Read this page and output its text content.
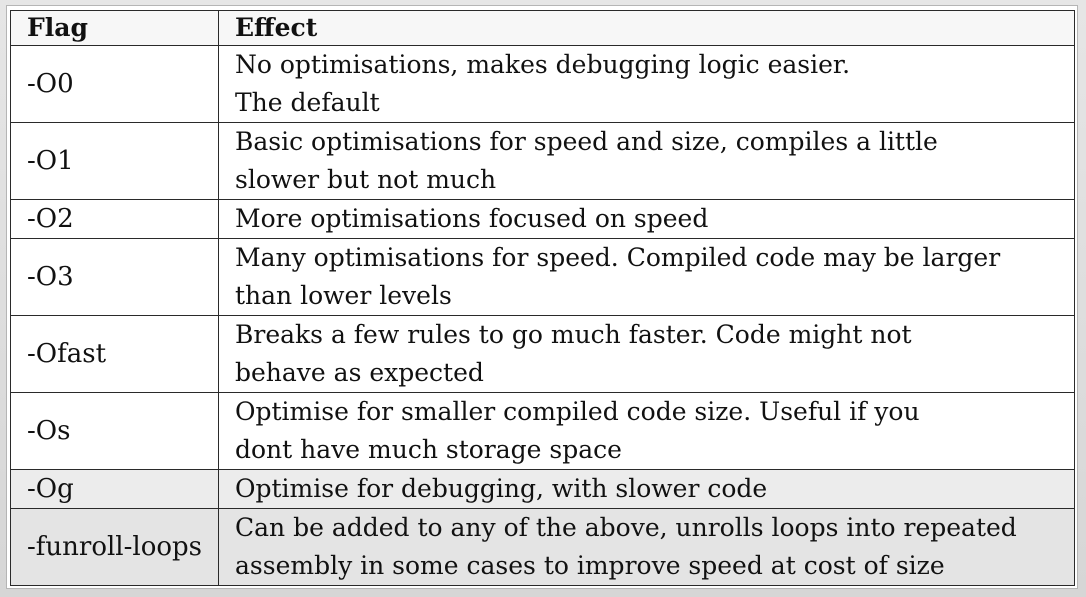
Flag	Effect
-O0	No optimisations, makes debugging logic easier.
The default

-O1	Basic optimisations for speed and size, compiles a little
slower but not much

-O2	More optimisations focused on speed

-O3	Many optimisations for speed. Compiled code may be larger
than lower levels

-Ofast	Breaks a few rules to go much faster. Code might not
behave as expected

-Os	Optimise for smaller compiled code size. Useful if you
dont have much storage space

-Og	Optimise for debugging, with slower code

-funroll-loops	Can be added to any of the above, unrolls loops into repeated
assembly in some cases to improve speed at cost of size
